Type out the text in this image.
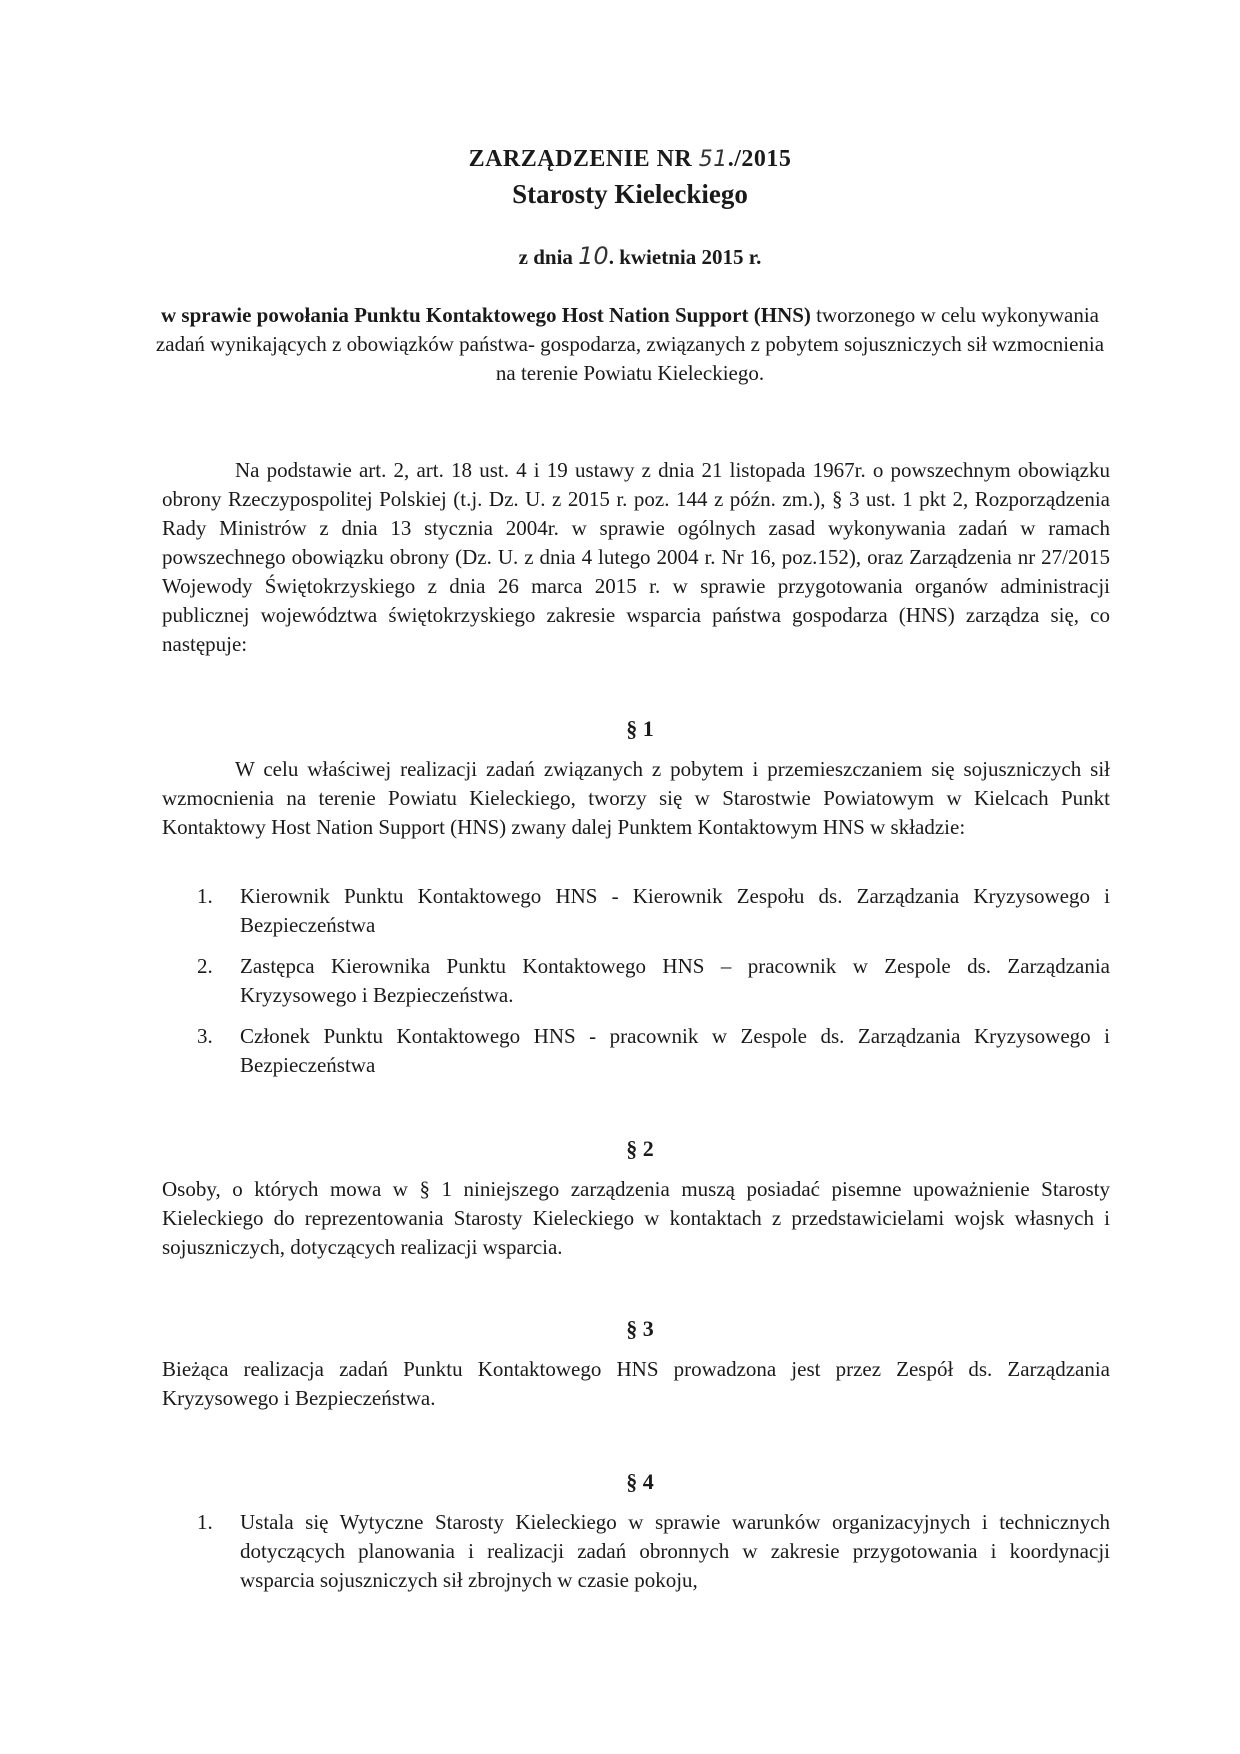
ZARZĄDZENIE NR 51./2015
Starosty Kieleckiego
z dnia 10. kwietnia 2015 r.
w sprawie powołania Punktu Kontaktowego Host Nation Support (HNS) tworzonego w celu wykonywania zadań wynikających z obowiązków państwa- gospodarza, związanych z pobytem sojuszniczych sił wzmocnienia na terenie Powiatu Kieleckiego.
Na podstawie art. 2, art. 18 ust. 4 i 19 ustawy z dnia 21 listopada 1967r. o powszechnym obowiązku obrony Rzeczypospolitej Polskiej (t.j. Dz. U. z 2015 r. poz. 144 z późn. zm.), § 3 ust. 1 pkt 2, Rozporządzenia Rady Ministrów z dnia 13 stycznia 2004r. w sprawie ogólnych zasad wykonywania zadań w ramach powszechnego obowiązku obrony (Dz. U. z dnia 4 lutego 2004 r. Nr 16, poz.152), oraz Zarządzenia nr 27/2015 Wojewody Świętokrzyskiego z dnia 26 marca 2015 r. w sprawie przygotowania organów administracji publicznej województwa świętokrzyskiego zakresie wsparcia państwa gospodarza (HNS) zarządza się, co następuje:
§ 1
W celu właściwej realizacji zadań związanych z pobytem i przemieszczaniem się sojuszniczych sił wzmocnienia na terenie Powiatu Kieleckiego, tworzy się w Starostwie Powiatowym w Kielcach Punkt Kontaktowy Host Nation Support (HNS) zwany dalej Punktem Kontaktowym HNS w składzie:
1. Kierownik Punktu Kontaktowego HNS - Kierownik Zespołu ds. Zarządzania Kryzysowego i Bezpieczeństwa
2. Zastępca Kierownika Punktu Kontaktowego HNS – pracownik w Zespole ds. Zarządzania Kryzysowego i Bezpieczeństwa.
3. Członek Punktu Kontaktowego HNS - pracownik w Zespole ds. Zarządzania Kryzysowego i Bezpieczeństwa
§ 2
Osoby, o których mowa w § 1 niniejszego zarządzenia muszą posiadać pisemne upoważnienie Starosty Kieleckiego do reprezentowania Starosty Kieleckiego w kontaktach z przedstawicielami wojsk własnych i sojuszniczych, dotyczących realizacji wsparcia.
§ 3
Bieżąca realizacja zadań Punktu Kontaktowego HNS prowadzona jest przez Zespół ds. Zarządzania Kryzysowego i Bezpieczeństwa.
§ 4
1. Ustala się Wytyczne Starosty Kieleckiego w sprawie warunków organizacyjnych i technicznych dotyczących planowania i realizacji zadań obronnych w zakresie przygotowania i koordynacji wsparcia sojuszniczych sił zbrojnych w czasie pokoju,
